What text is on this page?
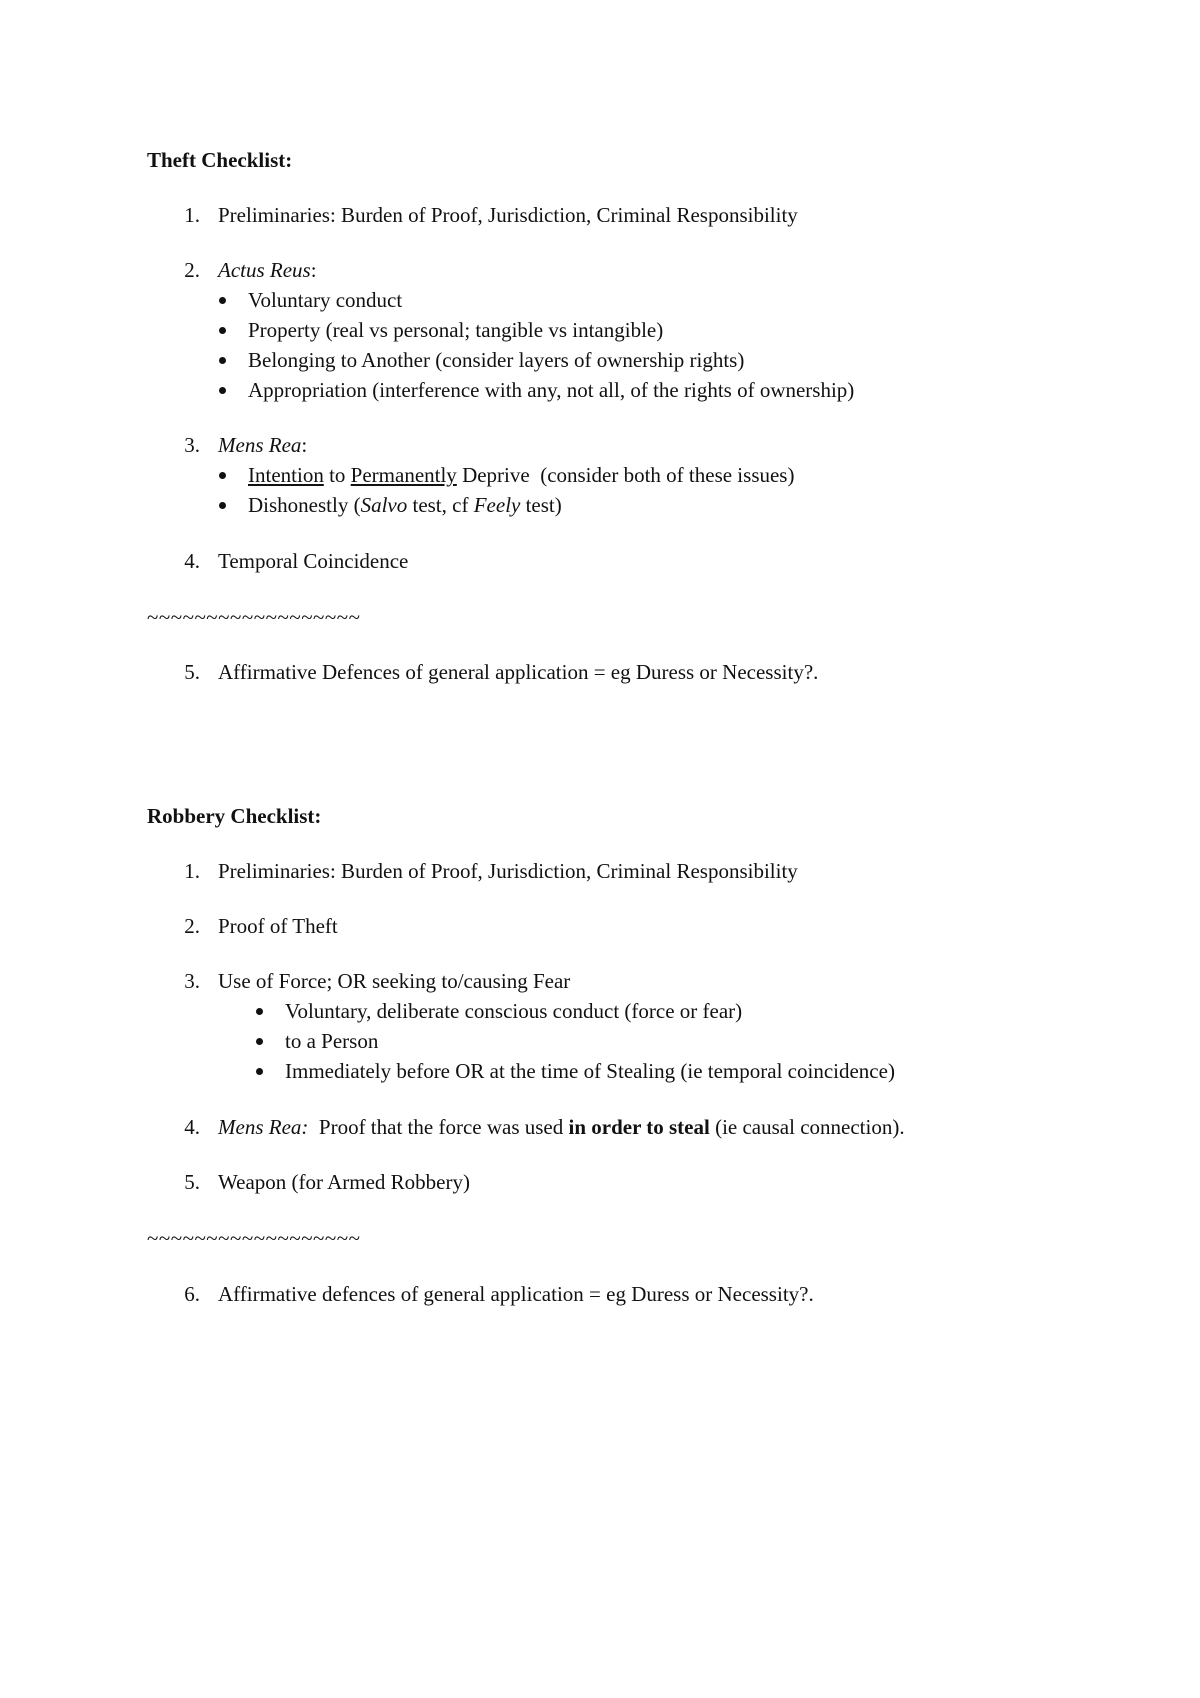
Theft Checklist:
1. Preliminaries: Burden of Proof, Jurisdiction, Criminal Responsibility
2. Actus Reus:
Voluntary conduct
Property (real vs personal; tangible vs intangible)
Belonging to Another (consider layers of ownership rights)
Appropriation (interference with any, not all, of the rights of ownership)
3. Mens Rea:
Intention to Permanently Deprive  (consider both of these issues)
Dishonestly (Salvo test, cf Feely test)
4. Temporal Coincidence
~~~~~~~~~~~~~~~~~~
5. Affirmative Defences of general application = eg Duress or Necessity?.
Robbery Checklist:
1. Preliminaries: Burden of Proof, Jurisdiction, Criminal Responsibility
2. Proof of Theft
3. Use of Force; OR seeking to/causing Fear
Voluntary, deliberate conscious conduct (force or fear)
to a Person
Immediately before OR at the time of Stealing (ie temporal coincidence)
4. Mens Rea:  Proof that the force was used in order to steal (ie causal connection).
5. Weapon (for Armed Robbery)
~~~~~~~~~~~~~~~~~~
6. Affirmative defences of general application = eg Duress or Necessity?.
